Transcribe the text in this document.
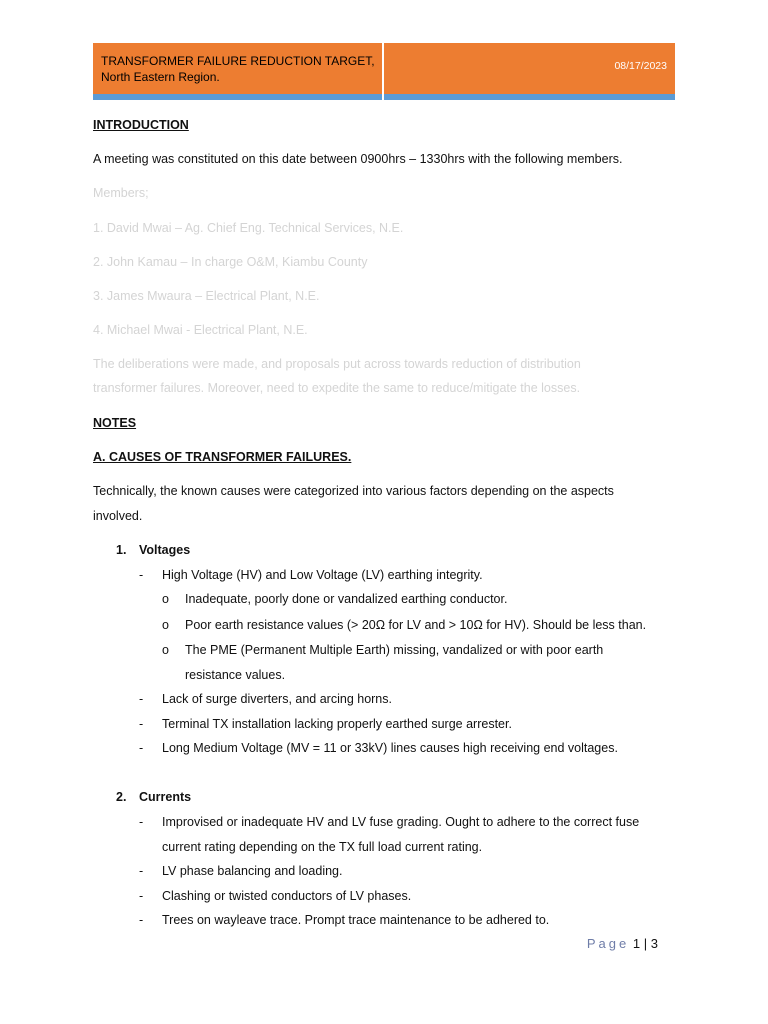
TRANSFORMER FAILURE REDUCTION TARGET,
North Eastern Region.
08/17/2023
INTRODUCTION
A meeting was constituted on this date between 0900hrs – 1330hrs with the following members.
Members;
1. David Mwai – Ag. Chief Eng. Technical Services, N.E.
2. John Kamau – In charge O&M, Kiambu County
3. James Mwaura – Electrical Plant, N.E.
4. Michael Mwai - Electrical Plant, N.E.
The deliberations were made, and proposals put across towards reduction of distribution
transformer failures. Moreover, need to expedite the same to reduce/mitigate the losses.
NOTES
A. CAUSES OF TRANSFORMER FAILURES.
Technically, the known causes were categorized into various factors depending on the aspects
involved.
1. Voltages
- High Voltage (HV) and Low Voltage (LV) earthing integrity.
o Inadequate, poorly done or vandalized earthing conductor.
o Poor earth resistance values (> 20Ω for LV and > 10Ω for HV). Should be less than.
o The PME (Permanent Multiple Earth) missing, vandalized or with poor earth
resistance values.
- Lack of surge diverters, and arcing horns.
- Terminal TX installation lacking properly earthed surge arrester.
- Long Medium Voltage (MV = 11 or 33kV) lines causes high receiving end voltages.
2. Currents
- Improvised or inadequate HV and LV fuse grading. Ought to adhere to the correct fuse
current rating depending on the TX full load current rating.
- LV phase balancing and loading.
- Clashing or twisted conductors of LV phases.
- Trees on wayleave trace. Prompt trace maintenance to be adhered to.
Page 1 | 3
